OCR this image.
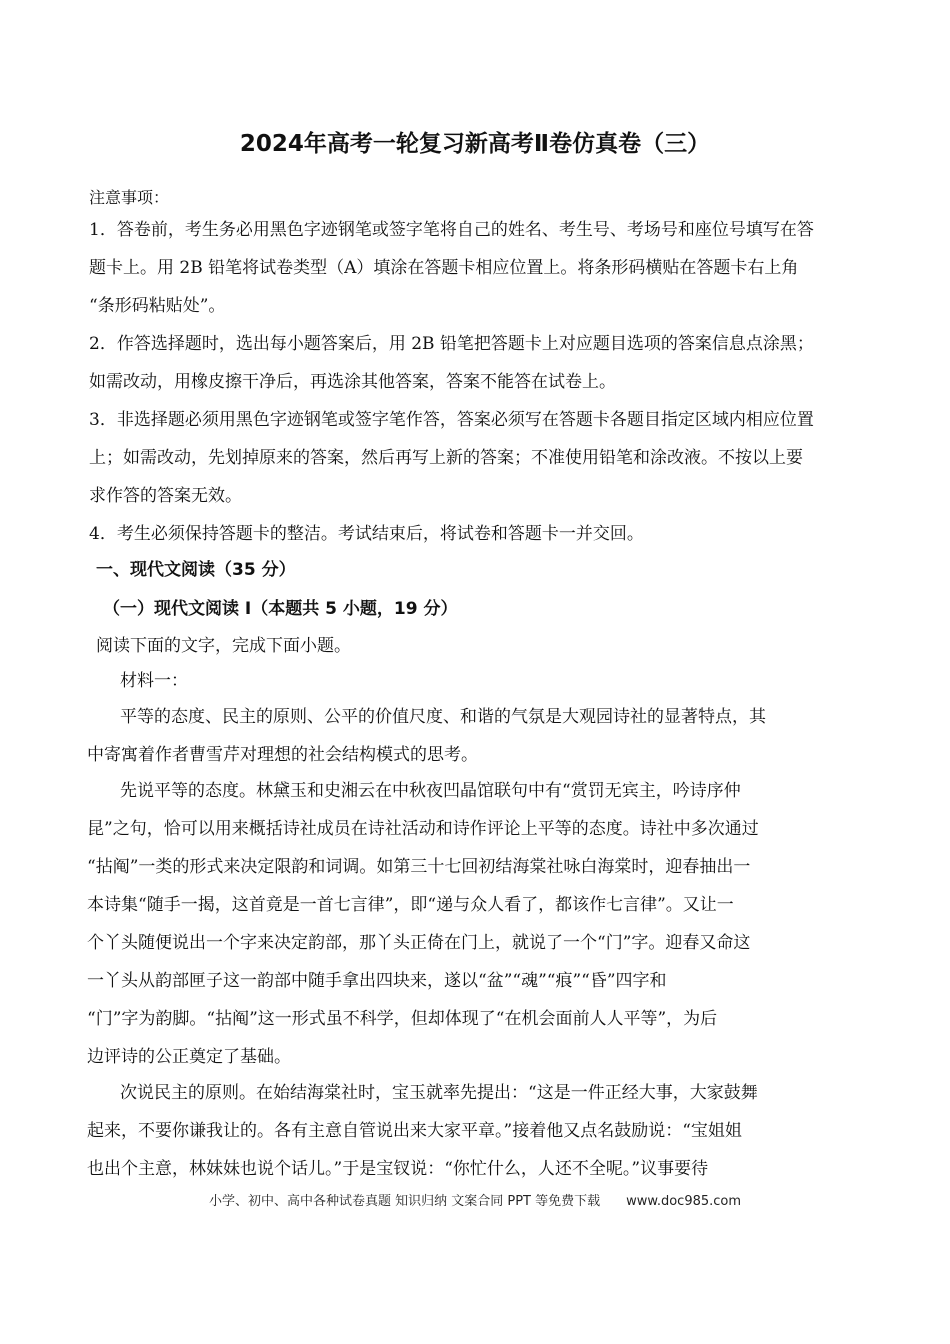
2024年高考一轮复习新高考Ⅱ卷仿真卷（三）
注意事项：
1．答卷前，考生务必用黑色字迹钢笔或签字笔将自己的姓名、考生号、考场号和座位号填写在答
题卡上。用 2B 铅笔将试卷类型（A）填涂在答题卡相应位置上。将条形码横贴在答题卡右上角
“条形码粘贴处”。
2．作答选择题时，选出每小题答案后，用 2B 铅笔把答题卡上对应题目选项的答案信息点涂黑；
如需改动，用橡皮擦干净后，再选涂其他答案，答案不能答在试卷上。
3．非选择题必须用黑色字迹钢笔或签字笔作答，答案必须写在答题卡各题目指定区域内相应位置
上；如需改动，先划掉原来的答案，然后再写上新的答案；不准使用铅笔和涂改液。不按以上要
求作答的答案无效。
4．考生必须保持答题卡的整洁。考试结束后，将试卷和答题卡一并交回。
一、现代文阅读（35 分）
（一）现代文阅读 I（本题共 5 小题，19 分）
阅读下面的文字，完成下面小题。
材料一：
平等的态度、民主的原则、公平的价值尺度、和谐的气氛是大观园诗社的显著特点，其
中寄寓着作者曹雪芹对理想的社会结构模式的思考。
先说平等的态度。林黛玉和史湘云在中秋夜凹晶馆联句中有“赏罚无宾主，吟诗序仲
昆”之句，恰可以用来概括诗社成员在诗社活动和诗作评论上平等的态度。诗社中多次通过
“拈阄”一类的形式来决定限韵和词调。如第三十七回初结海棠社咏白海棠时，迎春抽出一
本诗集“随手一揭，这首竟是一首七言律”，即“递与众人看了，都该作七言律”。又让一
个丫头随便说出一个字来决定韵部，那丫头正倚在门上，就说了一个“门”字。迎春又命这
一丫头从韵部匣子这一韵部中随手拿出四块来，遂以“盆”“魂”“痕”“昏”四字和
“门”字为韵脚。“拈阄”这一形式虽不科学，但却体现了“在机会面前人人平等”，为后
边评诗的公正奠定了基础。
次说民主的原则。在始结海棠社时，宝玉就率先提出：“这是一件正经大事，大家鼓舞
起来，不要你谦我让的。各有主意自管说出来大家平章。”接着他又点名鼓励说：“宝姐姐
也出个主意，林妹妹也说个话儿。”于是宝钗说：“你忙什么，人还不全呢。”议事要待
小学、初中、高中各种试卷真题 知识归纳 文案合同 PPT 等免费下载 www.doc985.com
